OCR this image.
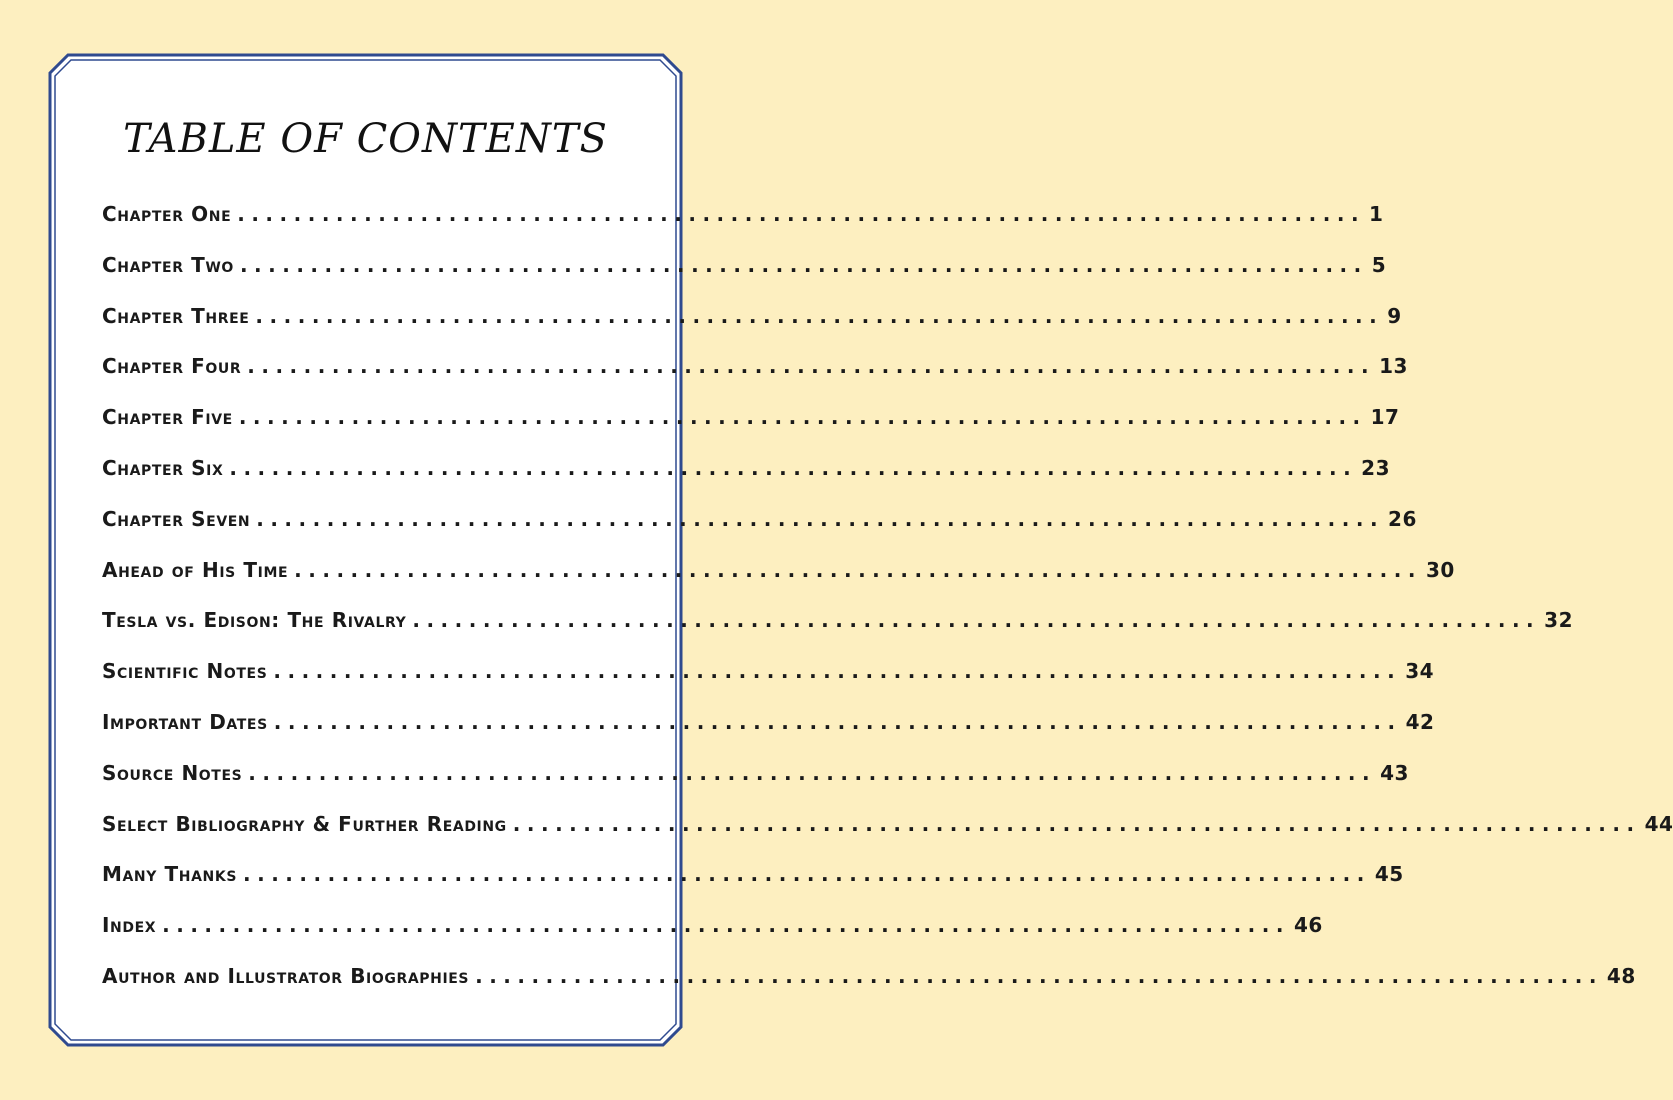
TABLE OF CONTENTS
Chapter One ................................................................................ 1
Chapter Two ................................................................................ 5
Chapter Three ................................................................................ 9
Chapter Four ................................................................................ 13
Chapter Five ................................................................................ 17
Chapter Six ................................................................................ 23
Chapter Seven ................................................................................ 26
Ahead of His Time ................................................................................ 30
Tesla vs. Edison: The Rivalry ................................................................................ 32
Scientific Notes ................................................................................ 34
Important Dates ................................................................................ 42
Source Notes ................................................................................ 43
Select Bibliography & Further Reading ................................................................................ 44
Many Thanks ................................................................................ 45
Index ................................................................................ 46
Author and Illustrator Biographies ................................................................................ 48
